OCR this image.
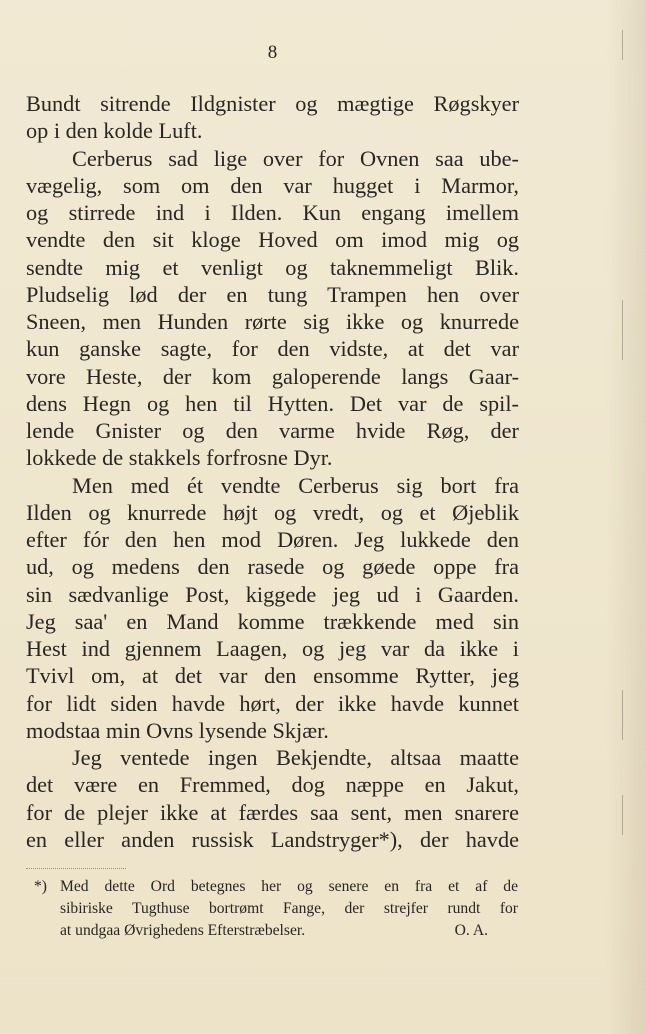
8
Bundt sitrende Ildgnister og mægtige Røgskyer
op i den kolde Luft.
Cerberus sad lige over for Ovnen saa ube-
vægelig, som om den var hugget i Marmor,
og stirrede ind i Ilden. Kun engang imellem
vendte den sit kloge Hoved om imod mig og
sendte mig et venligt og taknemmeligt Blik.
Pludselig lød der en tung Trampen hen over
Sneen, men Hunden rørte sig ikke og knurrede
kun ganske sagte, for den vidste, at det var
vore Heste, der kom galoperende langs Gaar-
dens Hegn og hen til Hytten. Det var de spil-
lende Gnister og den varme hvide Røg, der
lokkede de stakkels forfrosne Dyr.
Men med ét vendte Cerberus sig bort fra
Ilden og knurrede højt og vredt, og et Øjeblik
efter fór den hen mod Døren. Jeg lukkede den
ud, og medens den rasede og gøede oppe fra
sin sædvanlige Post, kiggede jeg ud i Gaarden.
Jeg saa' en Mand komme trækkende med sin
Hest ind gjennem Laagen, og jeg var da ikke i
Tvivl om, at det var den ensomme Rytter, jeg
for lidt siden havde hørt, der ikke havde kunnet
modstaa min Ovns lysende Skjær.
Jeg ventede ingen Bekjendte, altsaa maatte
det være en Fremmed, dog næppe en Jakut,
for de plejer ikke at færdes saa sent, men snarere
en eller anden russisk Landstryger*), der havde
*) Med dette Ord betegnes her og senere en fra et af de
sibiriske Tugthuse bortrømt Fange, der strejfer rundt for
at undgaa Øvrighedens Efterstræbelser.	O. A.
